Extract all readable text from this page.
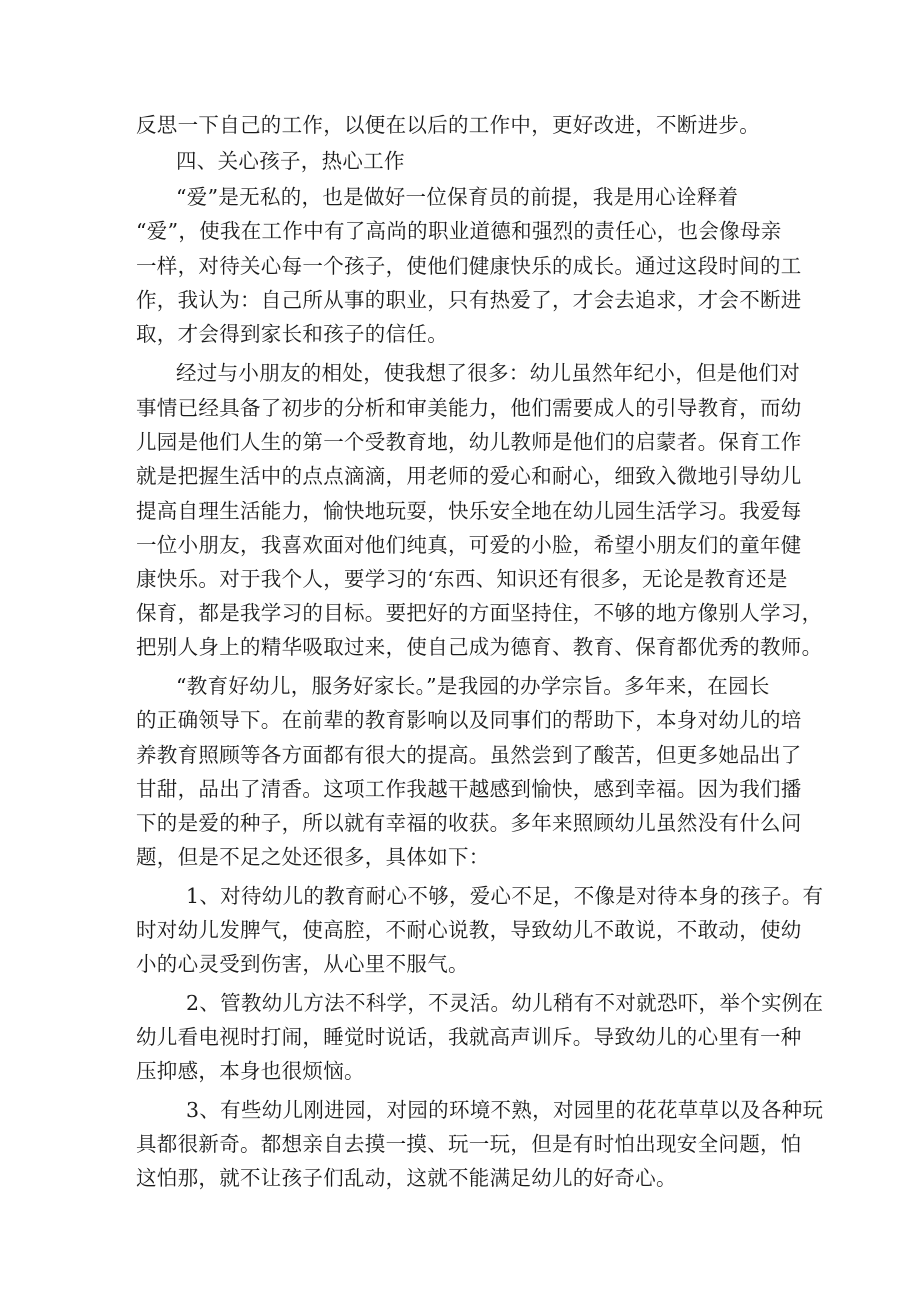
反思一下自己的工作，以便在以后的工作中，更好改进，不断进步。
四、关心孩子，热心工作
“爱”是无私的，也是做好一位保育员的前提，我是用心诠释着
“爱”，使我在工作中有了高尚的职业道德和强烈的责任心，也会像母亲
一样，对待关心每一个孩子，使他们健康快乐的成长。通过这段时间的工
作，我认为：自己所从事的职业，只有热爱了，才会去追求，才会不断进
取，才会得到家长和孩子的信任。
经过与小朋友的相处，使我想了很多：幼儿虽然年纪小，但是他们对
事情已经具备了初步的分析和审美能力，他们需要成人的引导教育，而幼
儿园是他们人生的第一个受教育地，幼儿教师是他们的启蒙者。保育工作
就是把握生活中的点点滴滴，用老师的爱心和耐心，细致入微地引导幼儿
提高自理生活能力，愉快地玩耍，快乐安全地在幼儿园生活学习。我爱每
一位小朋友，我喜欢面对他们纯真，可爱的小脸，希望小朋友们的童年健
康快乐。对于我个人，要学习的‘东西、知识还有很多，无论是教育还是
保育，都是我学习的目标。要把好的方面坚持住，不够的地方像别人学习，
把别人身上的精华吸取过来，使自己成为德育、教育、保育都优秀的教师。
“教育好幼儿，服务好家长。”是我园的办学宗旨。多年来，在园长
的正确领导下。在前辈的教育影响以及同事们的帮助下，本身对幼儿的培
养教育照顾等各方面都有很大的提高。虽然尝到了酸苦，但更多她品出了
甘甜，品出了清香。这项工作我越干越感到愉快，感到幸福。因为我们播
下的是爱的种子，所以就有幸福的收获。多年来照顾幼儿虽然没有什么问
题，但是不足之处还很多，具体如下：
1、对待幼儿的教育耐心不够，爱心不足，不像是对待本身的孩子。有
时对幼儿发脾气，使高腔，不耐心说教，导致幼儿不敢说，不敢动，使幼
小的心灵受到伤害，从心里不服气。
2、管教幼儿方法不科学，不灵活。幼儿稍有不对就恐吓，举个实例在
幼儿看电视时打闹，睡觉时说话，我就高声训斥。导致幼儿的心里有一种
压抑感，本身也很烦恼。
3、有些幼儿刚进园，对园的环境不熟，对园里的花花草草以及各种玩
具都很新奇。都想亲自去摸一摸、玩一玩，但是有时怕出现安全问题，怕
这怕那，就不让孩子们乱动，这就不能满足幼儿的好奇心。
